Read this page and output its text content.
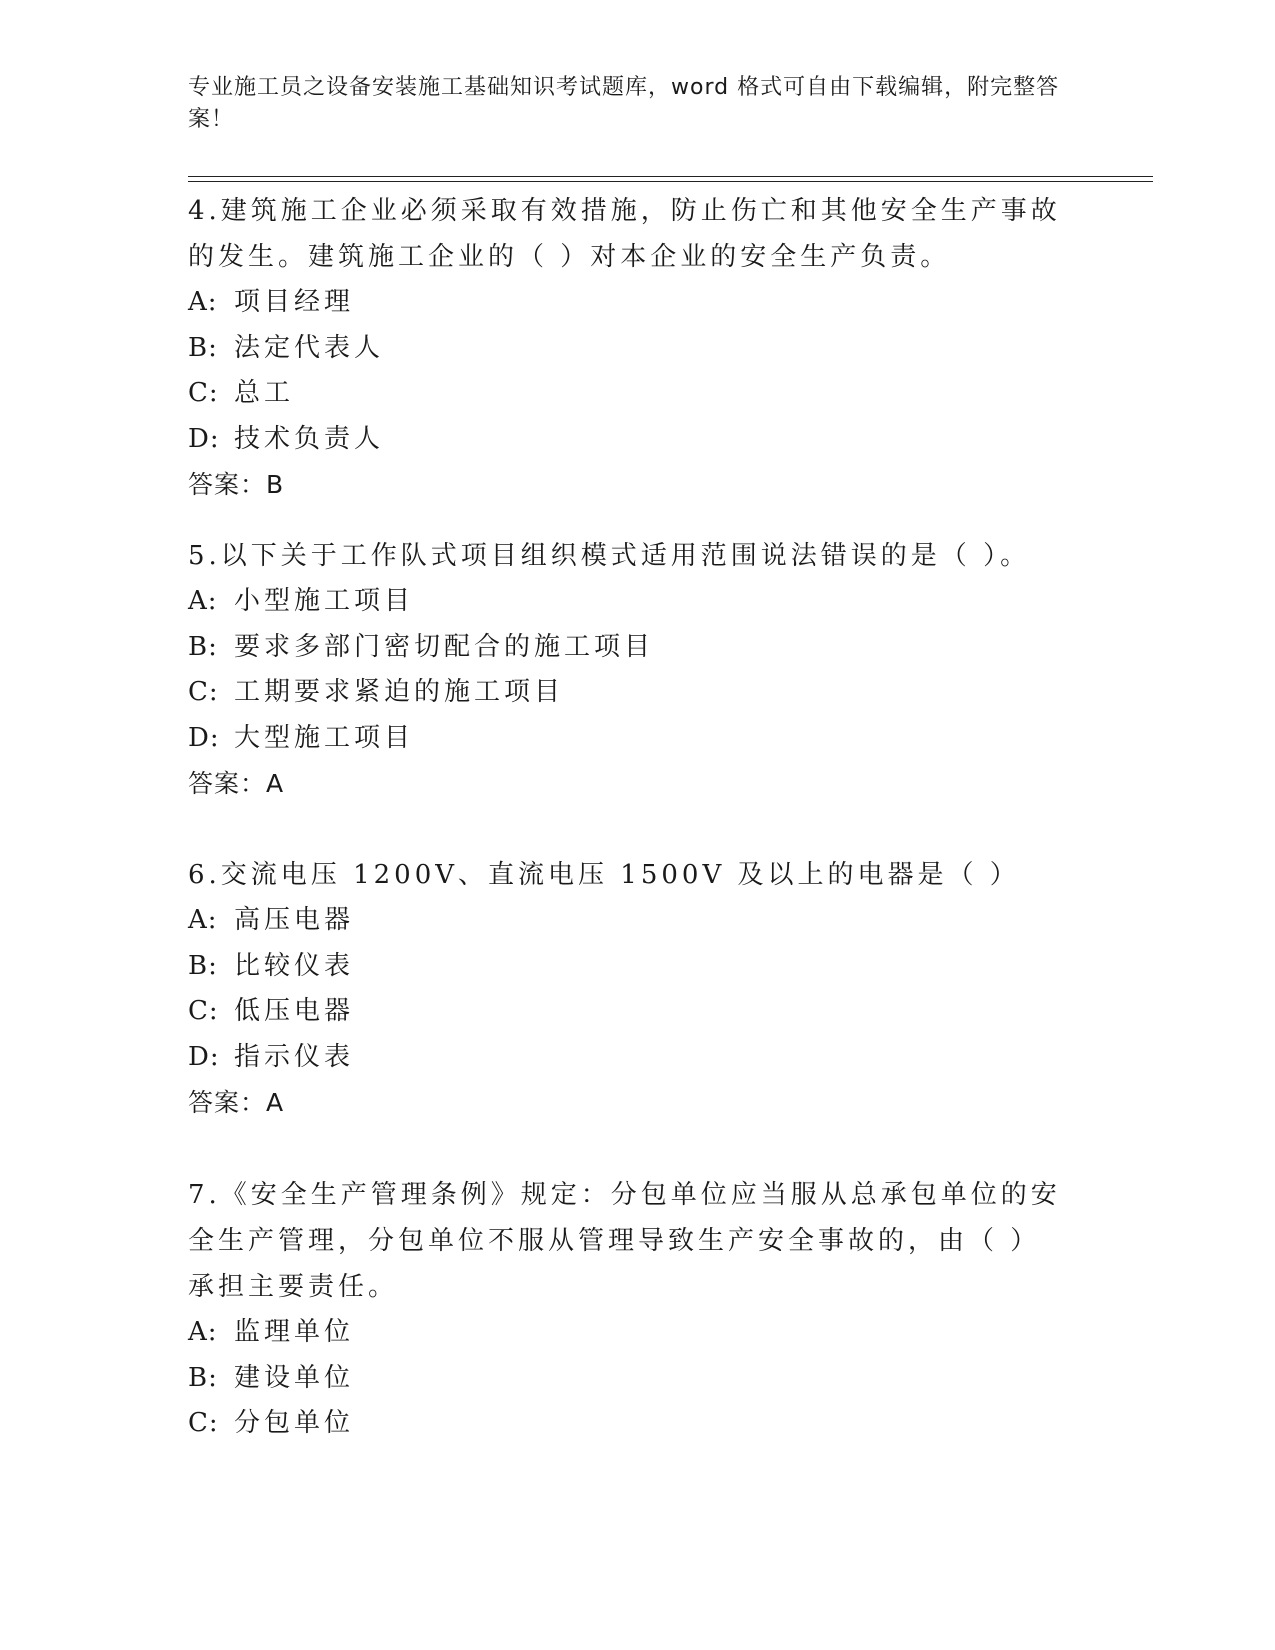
专业施工员之设备安装施工基础知识考试题库，word 格式可自由下载编辑，附完整答案！
4.建筑施工企业必须采取有效措施，防止伤亡和其他安全生产事故的发生。建筑施工企业的（ ）对本企业的安全生产负责。
A: 项目经理
B: 法定代表人
C: 总工
D: 技术负责人
答案：B
5.以下关于工作队式项目组织模式适用范围说法错误的是（ ）。
A: 小型施工项目
B: 要求多部门密切配合的施工项目
C: 工期要求紧迫的施工项目
D: 大型施工项目
答案：A
6.交流电压 1200V、直流电压 1500V 及以上的电器是（ ）
A: 高压电器
B: 比较仪表
C: 低压电器
D: 指示仪表
答案：A
7.《安全生产管理条例》规定：分包单位应当服从总承包单位的安全生产管理，分包单位不服从管理导致生产安全事故的，由（ ）承担主要责任。
A: 监理单位
B: 建设单位
C: 分包单位
